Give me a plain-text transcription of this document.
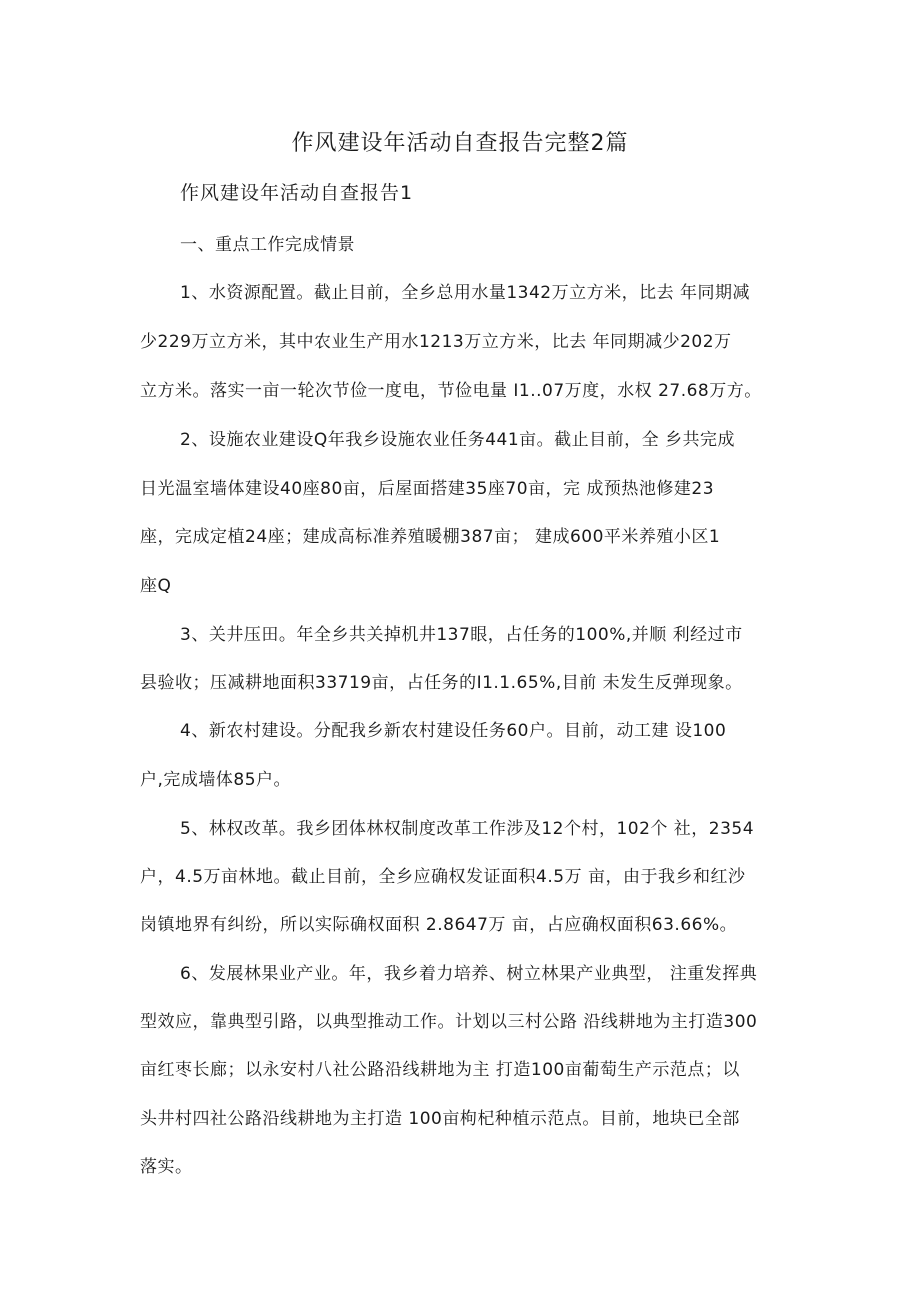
作风建设年活动自查报告完整2篇
作风建设年活动自查报告1
一、重点工作完成情景
1、水资源配置。截止目前，全乡总用水量1342万立方米，比去 年同期减
少229万立方米，其中农业生产用水1213万立方米，比去 年同期减少202万
立方米。落实一亩一轮次节俭一度电，节俭电量 I1..07万度，水权 27.68万方。
2、设施农业建设Q年我乡设施农业任务441亩。截止目前，全 乡共完成
日光温室墙体建设40座80亩，后屋面搭建35座70亩，完 成预热池修建23
座，完成定植24座；建成高标准养殖暖棚387亩； 建成600平米养殖小区1
座Q
3、关井压田。年全乡共关掉机井137眼，占任务的100%,并顺 利经过市
县验收；压减耕地面积33719亩，占任务的I1.1.65%,目前 未发生反弹现象。
4、新农村建设。分配我乡新农村建设任务60户。目前，动工建 设100
户,完成墙体85户。
5、林权改革。我乡团体林权制度改革工作涉及12个村，102个 社，2354
户，4.5万亩林地。截止目前，全乡应确权发证面积4.5万 亩，由于我乡和红沙
岗镇地界有纠纷，所以实际确权面积 2.8647万 亩，占应确权面积63.66%。
6、发展林果业产业。年，我乡着力培养、树立林果产业典型， 注重发挥典
型效应，靠典型引路，以典型推动工作。计划以三村公路 沿线耕地为主打造300
亩红枣长廊；以永安村八社公路沿线耕地为主 打造100亩葡萄生产示范点；以
头井村四社公路沿线耕地为主打造 100亩枸杞种植示范点。目前，地块已全部
落实。
